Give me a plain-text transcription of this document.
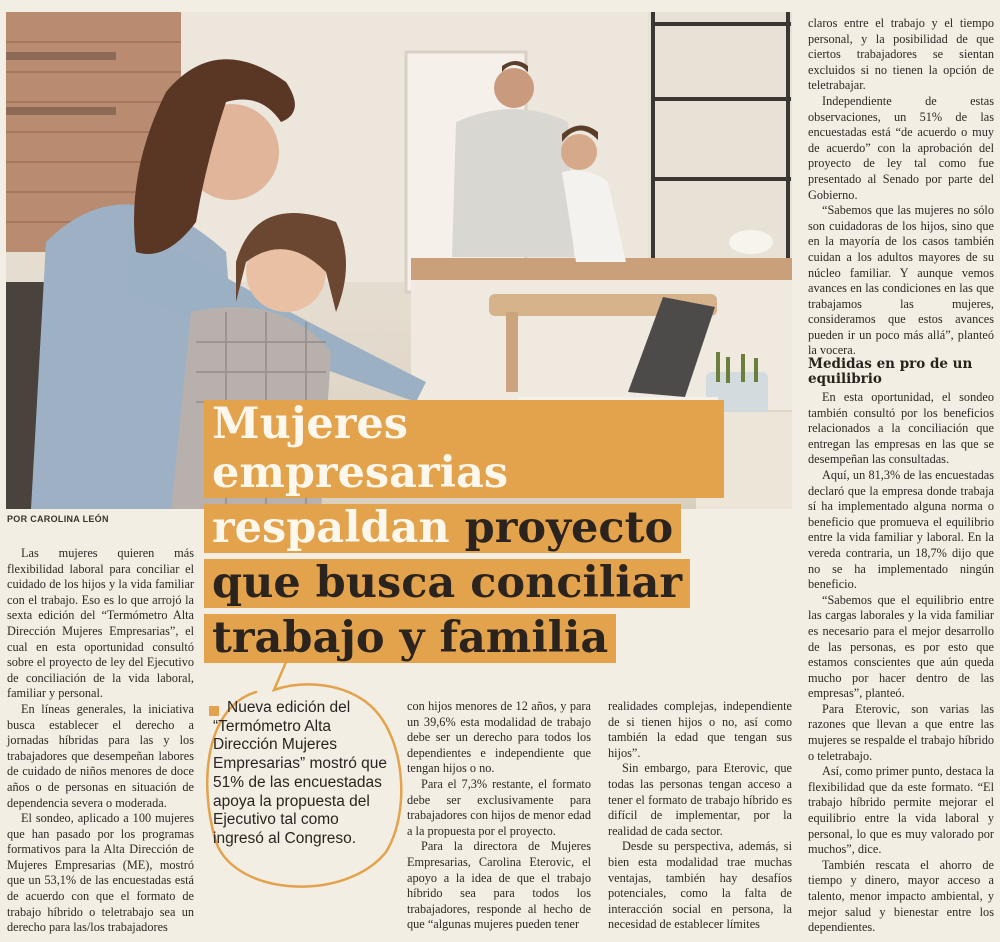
Mujeres empresarias
respaldan proyecto
que busca conciliar
trabajo y familia
POR CAROLINA LEÓN

Las mujeres quieren más flexibilidad laboral para conciliar el cuidado de los hijos y la vida familiar con el trabajo. Eso es lo que arrojó la sexta edición del “Termómetro Alta Dirección Mujeres Empresarias”, el cual en esta oportunidad consultó sobre el proyecto de ley del Ejecutivo de conciliación de la vida laboral, familiar y personal.

En líneas generales, la iniciativa busca establecer el derecho a jornadas híbridas para las y los trabajadores que desempeñan labores de cuidado de niños menores de doce años o de personas en situación de dependencia severa o moderada.

El sondeo, aplicado a 100 mujeres que han pasado por los programas formativos para la Alta Dirección de Mujeres Empresarias (ME), mostró que un 53,1% de las encuestadas está de acuerdo con que el formato de trabajo híbrido o teletrabajo sea un derecho para las/los trabajadores

Nueva edición del “Termómetro Alta Dirección Mujeres Empresarias” mostró que 51% de las encuestadas apoya la propuesta del Ejecutivo tal como ingresó al Congreso.

con hijos menores de 12 años, y para un 39,6% esta modalidad de trabajo debe ser un derecho para todos los dependientes e independiente que tengan hijos o no.

Para el 7,3% restante, el formato debe ser exclusivamente para trabajadores con hijos de menor edad a la propuesta por el proyecto.

Para la directora de Mujeres Empresarias, Carolina Eterovic, el apoyo a la idea de que el trabajo híbrido sea para todos los trabajadores, responde al hecho de que “algunas mujeres pueden tener

realidades complejas, independiente de si tienen hijos o no, así como también la edad que tengan sus hijos”.

Sin embargo, para Eterovic, que todas las personas tengan acceso a tener el formato de trabajo híbrido es difícil de implementar, por la realidad de cada sector.

Desde su perspectiva, además, si bien esta modalidad trae muchas ventajas, también hay desafíos potenciales, como la falta de interacción social en persona, la necesidad de establecer límites

claros entre el trabajo y el tiempo personal, y la posibilidad de que ciertos trabajadores se sientan excluidos si no tienen la opción de teletrabajar.

Independiente de estas observaciones, un 51% de las encuestadas está “de acuerdo o muy de acuerdo” con la aprobación del proyecto de ley tal como fue presentado al Senado por parte del Gobierno.

“Sabemos que las mujeres no sólo son cuidadoras de los hijos, sino que en la mayoría de los casos también cuidan a los adultos mayores de su núcleo familiar. Y aunque vemos avances en las condiciones en las que trabajamos las mujeres, consideramos que estos avances pueden ir un poco más allá”, planteó la vocera.

Medidas en pro de un equilibrio

En esta oportunidad, el sondeo también consultó por los beneficios relacionados a la conciliación que entregan las empresas en las que se desempeñan las consultadas.

Aquí, un 81,3% de las encuestadas declaró que la empresa donde trabaja sí ha implementado alguna norma o beneficio que promueva el equilibrio entre la vida familiar y laboral. En la vereda contraria, un 18,7% dijo que no se ha implementado ningún beneficio.

“Sabemos que el equilibrio entre las cargas laborales y la vida familiar es necesario para el mejor desarrollo de las personas, es por esto que estamos conscientes que aún queda mucho por hacer dentro de las empresas”, planteó.

Para Eterovic, son varias las razones que llevan a que entre las mujeres se respalde el trabajo híbrido o teletrabajo.

Así, como primer punto, destaca la flexibilidad que da este formato. “El trabajo híbrido permite mejorar el equilibrio entre la vida laboral y personal, lo que es muy valorado por muchos”, dice.

También rescata el ahorro de tiempo y dinero, mayor acceso a talento, menor impacto ambiental, y mejor salud y bienestar entre los dependientes.
